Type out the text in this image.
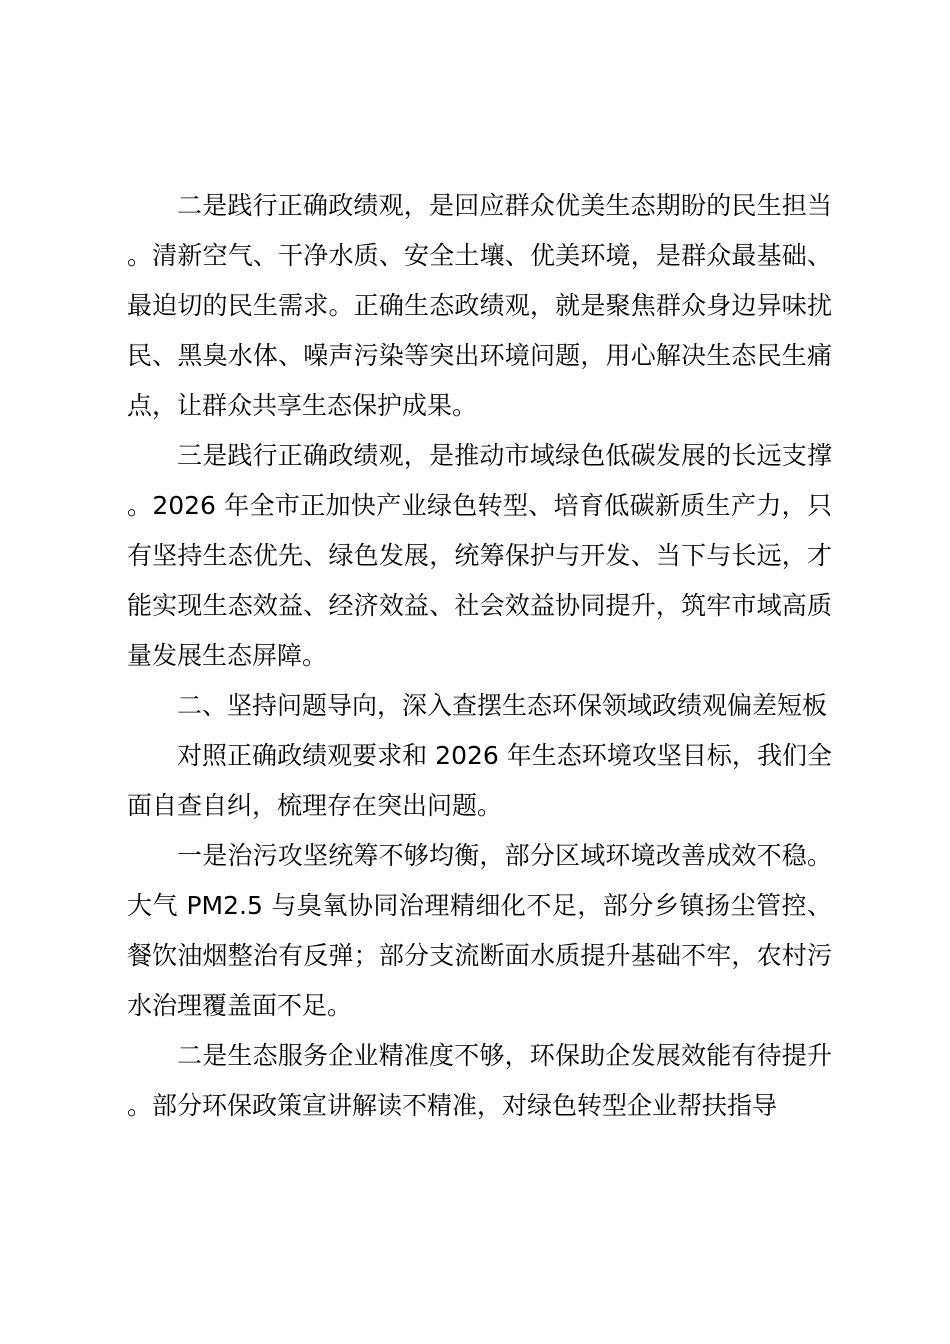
二是践行正确政绩观，是回应群众优美生态期盼的民生担当。清新空气、干净水质、安全土壤、优美环境，是群众最基础、最迫切的民生需求。正确生态政绩观，就是聚焦群众身边异味扰民、黑臭水体、噪声污染等突出环境问题，用心解决生态民生痛点，让群众共享生态保护成果。

三是践行正确政绩观，是推动市域绿色低碳发展的长远支撑。2026 年全市正加快产业绿色转型、培育低碳新质生产力，只有坚持生态优先、绿色发展，统筹保护与开发、当下与长远，才能实现生态效益、经济效益、社会效益协同提升，筑牢市域高质量发展生态屏障。

二、坚持问题导向，深入查摆生态环保领域政绩观偏差短板

对照正确政绩观要求和 2026 年生态环境攻坚目标，我们全面自查自纠，梳理存在突出问题。

一是治污攻坚统筹不够均衡，部分区域环境改善成效不稳。大气 PM2.5 与臭氧协同治理精细化不足，部分乡镇扬尘管控、餐饮油烟整治有反弹；部分支流断面水质提升基础不牢，农村污水治理覆盖面不足。

二是生态服务企业精准度不够，环保助企发展效能有待提升。部分环保政策宣讲解读不精准，对绿色转型企业帮扶指导
